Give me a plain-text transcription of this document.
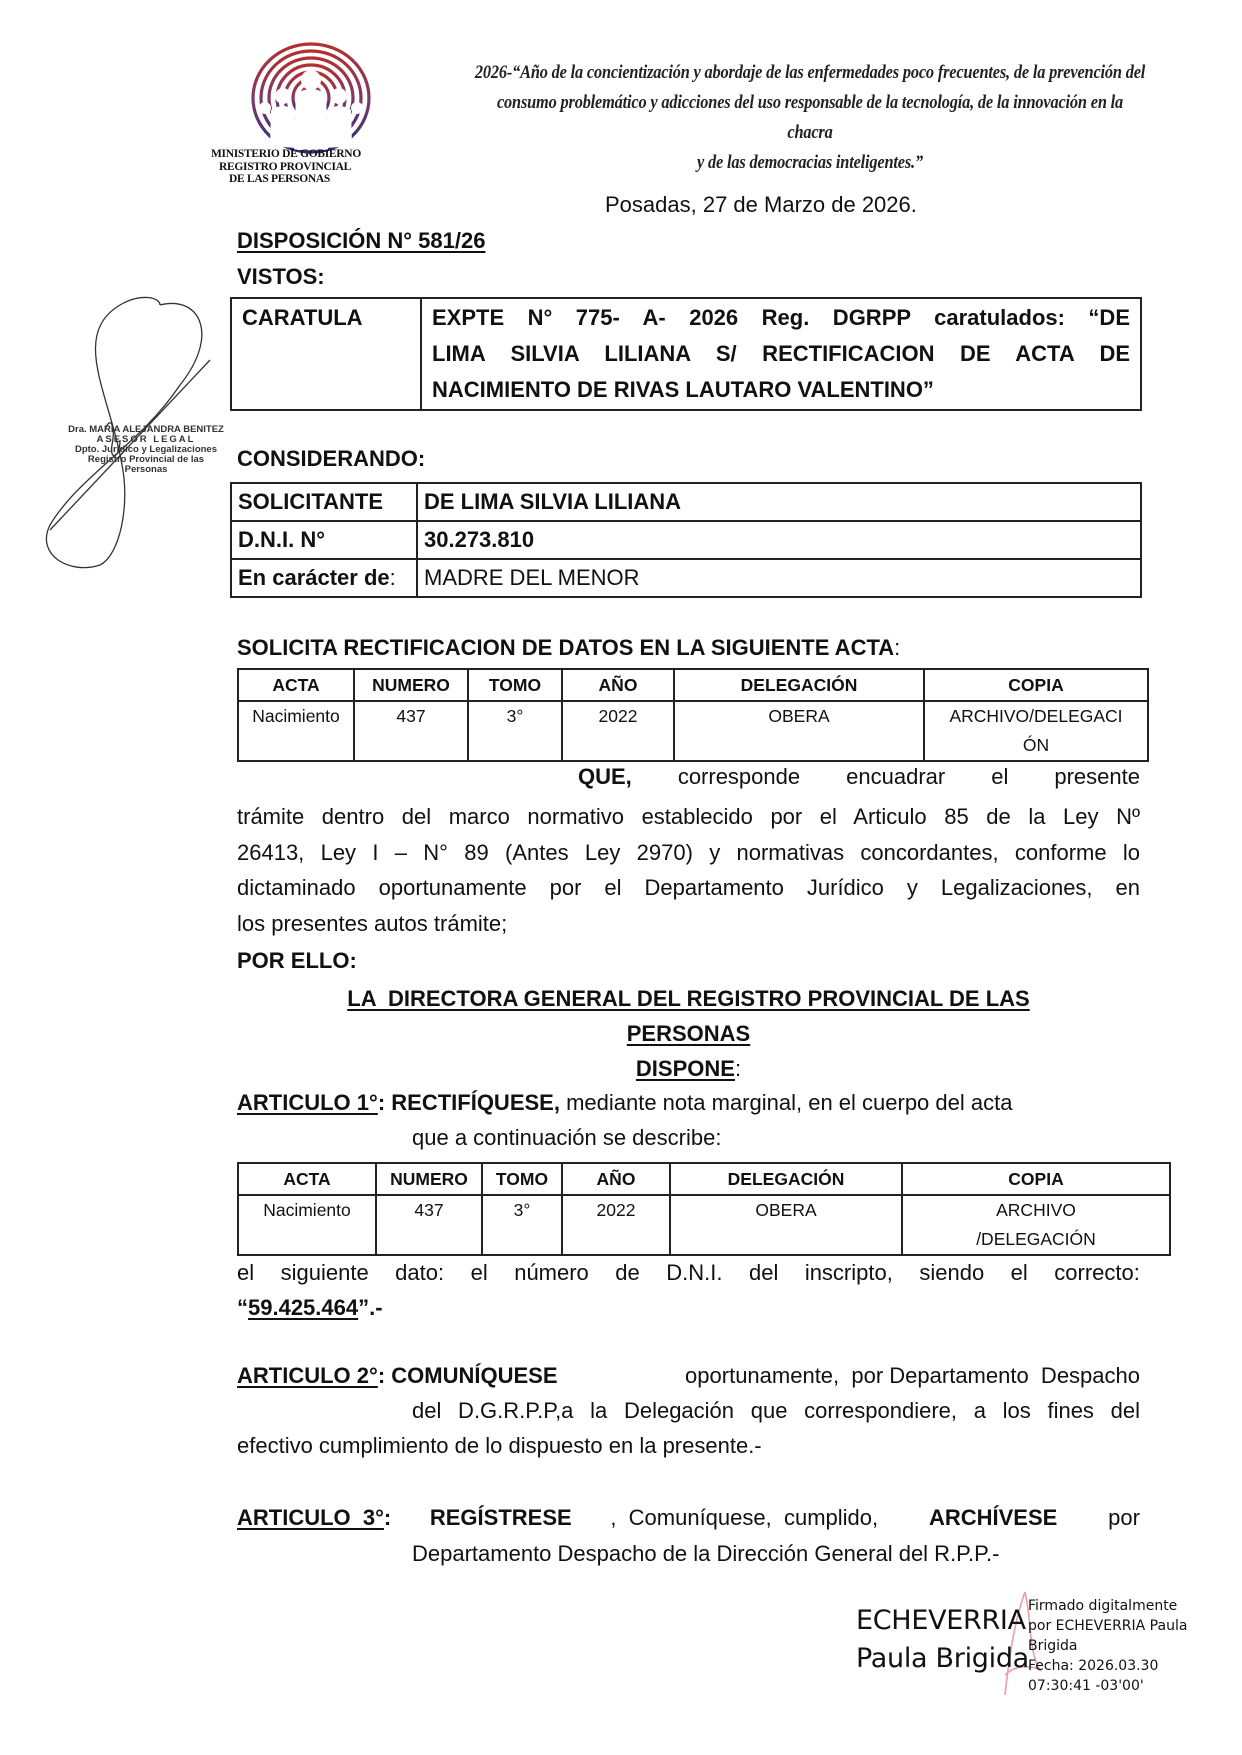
MINISTERIO DE GOBIERNO
REGISTRO PROVINCIAL
DE LAS PERSONAS
2026-“Año de la concientización y abordaje de las enfermedades poco frecuentes, de la prevención del
consumo problemático y adicciones del uso responsable de la tecnología, de la innovación en la chacra
y de las democracias inteligentes.”
Dra. MARIA ALEJANDRA BENITEZ
ASESOR LEGAL
Dpto. Jurídico y Legalizaciones
Registro Provincial de las Personas
Posadas, 27 de Marzo de 2026.
DISPOSICIÓN N° 581/26
VISTOS:
CARATULA	EXPTE N° 775- A- 2026 Reg. DGRPP caratulados: “DE
LIMA SILVIA LILIANA S/ RECTIFICACION DE ACTA DE
NACIMIENTO DE RIVAS LAUTARO VALENTINO”
CONSIDERANDO:
SOLICITANTE	DE LIMA SILVIA LILIANA
D.N.I. N°	30.273.810
En carácter de:	MADRE DEL MENOR
SOLICITA RECTIFICACION DE DATOS EN LA SIGUIENTE ACTA:
ACTA	NUMERO	TOMO	AÑO	DELEGACIÓN	COPIA
Nacimiento	437	3°	2022	OBERA	ARCHIVO/DELEGACI
ÓN
QUE, corresponde encuadrar el presente
trámite dentro del marco normativo establecido por el Articulo 85 de la Ley Nº
26413, Ley I – N° 89 (Antes Ley 2970) y normativas concordantes, conforme lo
dictaminado oportunamente por el Departamento Jurídico y Legalizaciones, en
los presentes autos trámite;
POR ELLO:
LA  DIRECTORA GENERAL DEL REGISTRO PROVINCIAL DE LAS
PERSONAS
DISPONE:
ARTICULO 1°: RECTIFÍQUESE, mediante nota marginal, en el cuerpo del acta
que a continuación se describe:
ACTA	NUMERO	TOMO	AÑO	DELEGACIÓN	COPIA
Nacimiento	437	3°	2022	OBERA	ARCHIVO
/DELEGACIÓN
el siguiente dato: el número de D.N.I. del inscripto, siendo el correcto:
“59.425.464”.-
ARTICULO 2°: COMUNÍQUESE	oportunamente,  por Departamento  Despacho
del D.G.R.P.P,a la Delegación que correspondiere, a los fines del
efectivo cumplimiento de lo dispuesto en la presente.-
ARTICULO  3°: REGÍSTRESE ,  Comuníquese,  cumplido, ARCHÍVESE por
Departamento Despacho de la Dirección General del R.P.P.-
ECHEVERRIA
Paula Brigida
Firmado digitalmente
por ECHEVERRIA Paula
Brigida
Fecha: 2026.03.30
07:30:41 -03'00'
